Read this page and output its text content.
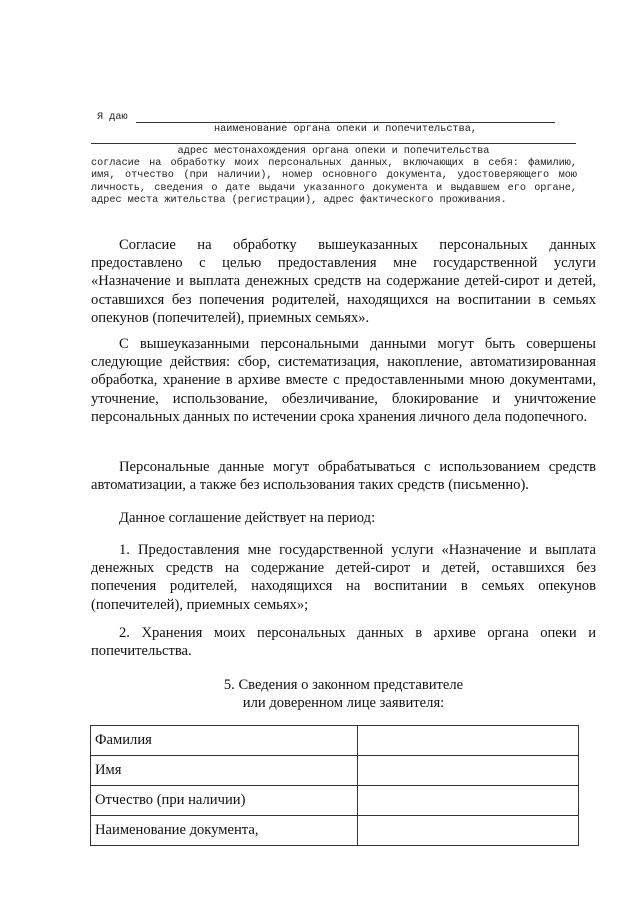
Я даю
наименование органа опеки и попечительства,
адрес местонахождения органа опеки и попечительства

согласие на обработку моих персональных данных, включающих в себя: фамилию, имя, отчество (при наличии), номер основного документа, удостоверяющего мою личность, сведения о дате выдачи указанного документа и выдавшем его органе, адрес места жительства (регистрации), адрес фактического проживания.

Согласие на обработку вышеуказанных персональных данных предоставлено с целью предоставления мне государственной услуги «Назначение и выплата денежных средств на содержание детей-сирот и детей, оставшихся без попечения родителей, находящихся на воспитании в семьях опекунов (попечителей), приемных семьях».

С вышеуказанными персональными данными могут быть совершены следующие действия: сбор, систематизация, накопление, автоматизированная обработка, хранение в архиве вместе с предоставленными мною документами, уточнение, использование, обезличивание, блокирование и уничтожение персональных данных по истечении срока хранения личного дела подопечного.

Персональные данные могут обрабатываться с использованием средств автоматизации, а также без использования таких средств (письменно).

Данное соглашение действует на период:

1. Предоставления мне государственной услуги «Назначение и выплата денежных средств на содержание детей-сирот и детей, оставшихся без попечения родителей, находящихся на воспитании в семьях опекунов (попечителей), приемных семьях»;

2. Хранения моих персональных данных в архиве органа опеки и попечительства.

5. Сведения о законном представителе
или доверенном лице заявителя:
Фамилия	
Имя	
Отчество (при наличии)	
Наименование документа,	
